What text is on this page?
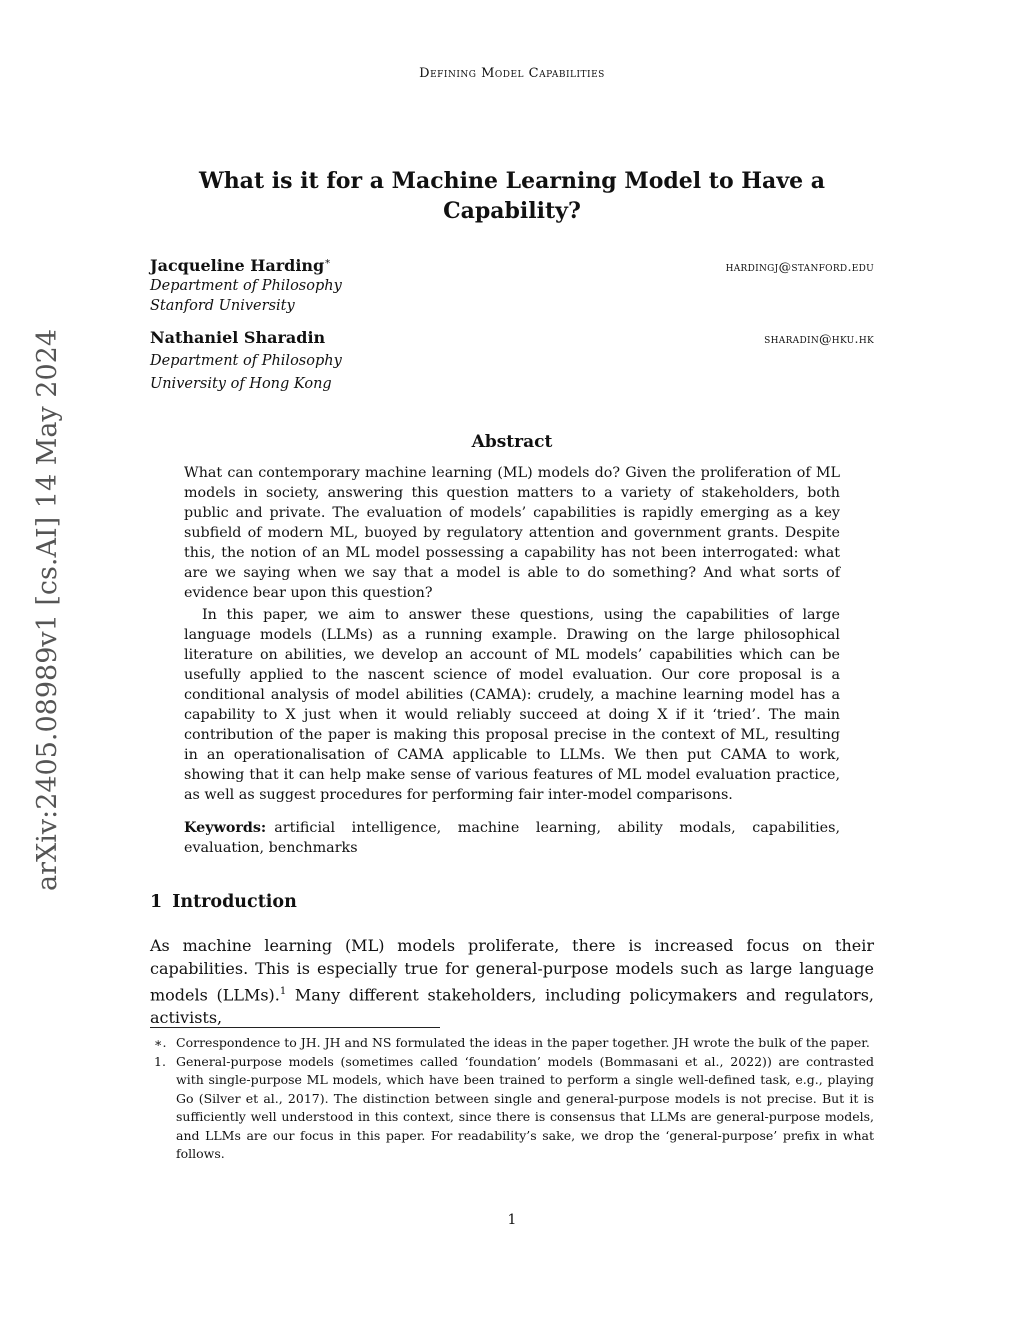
Defining Model Capabilities
arXiv:2405.08989v1 [cs.AI] 14 May 2024
What is it for a Machine Learning Model to Have a Capability?
Jacqueline Harding∗
Department of Philosophy
Stanford University
hardingj@stanford.edu
Nathaniel Sharadin
Department of Philosophy
University of Hong Kong
sharadin@hku.hk
Abstract

What can contemporary machine learning (ML) models do? Given the proliferation of ML models in society, answering this question matters to a variety of stakeholders, both public and private. The evaluation of models’ capabilities is rapidly emerging as a key subfield of modern ML, buoyed by regulatory attention and government grants. Despite this, the notion of an ML model possessing a capability has not been interrogated: what are we saying when we say that a model is able to do something? And what sorts of evidence bear upon this question?

In this paper, we aim to answer these questions, using the capabilities of large language models (LLMs) as a running example. Drawing on the large philosophical literature on abilities, we develop an account of ML models’ capabilities which can be usefully applied to the nascent science of model evaluation. Our core proposal is a conditional analysis of model abilities (CAMA): crudely, a machine learning model has a capability to X just when it would reliably succeed at doing X if it ‘tried’. The main contribution of the paper is making this proposal precise in the context of ML, resulting in an operationalisation of CAMA applicable to LLMs. We then put CAMA to work, showing that it can help make sense of various features of ML model evaluation practice, as well as suggest procedures for performing fair inter-model comparisons.

Keywords: artificial intelligence, machine learning, ability modals, capabilities, evaluation, benchmarks
1 Introduction
As machine learning (ML) models proliferate, there is increased focus on their capabilities. This is especially true for general-purpose models such as large language models (LLMs).$^1$ Many different stakeholders, including policymakers and regulators, activists,
∗. Correspondence to JH. JH and NS formulated the ideas in the paper together. JH wrote the bulk of the paper.
1. General-purpose models (sometimes called ‘foundation’ models (Bommasani et al., 2022)) are contrasted with single-purpose ML models, which have been trained to perform a single well-defined task, e.g., playing Go (Silver et al., 2017). The distinction between single and general-purpose models is not precise. But it is sufficiently well understood in this context, since there is consensus that LLMs are general-purpose models, and LLMs are our focus in this paper. For readability’s sake, we drop the ‘general-purpose’ prefix in what follows.
1
